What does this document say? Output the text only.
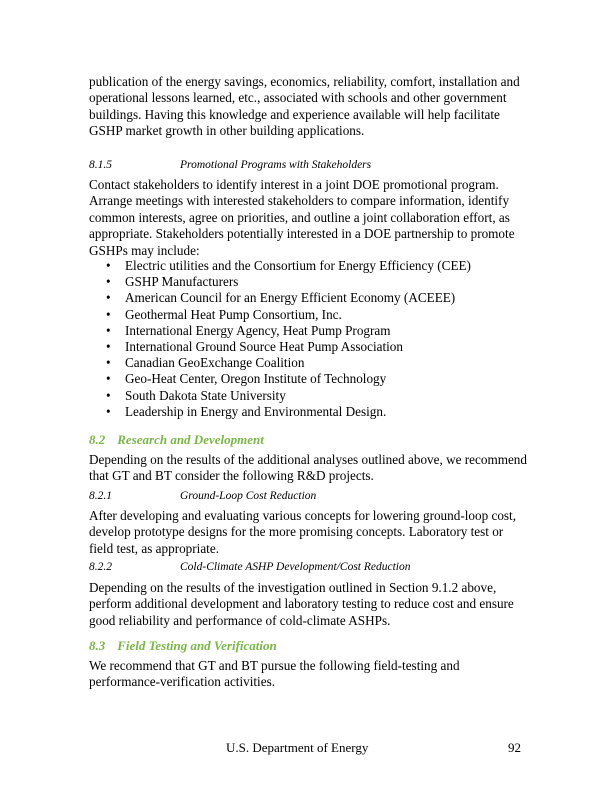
publication of the energy savings, economics, reliability, comfort, installation and operational lessons learned, etc., associated with schools and other government buildings. Having this knowledge and experience available will help facilitate GSHP market growth in other building applications.
8.1.5	Promotional Programs with Stakeholders
Contact stakeholders to identify interest in a joint DOE promotional program. Arrange meetings with interested stakeholders to compare information, identify common interests, agree on priorities, and outline a joint collaboration effort, as appropriate. Stakeholders potentially interested in a DOE partnership to promote GSHPs may include:
• Electric utilities and the Consortium for Energy Efficiency (CEE)
• GSHP Manufacturers
• American Council for an Energy Efficient Economy (ACEEE)
• Geothermal Heat Pump Consortium, Inc.
• International Energy Agency, Heat Pump Program
• International Ground Source Heat Pump Association
• Canadian GeoExchange Coalition
• Geo-Heat Center, Oregon Institute of Technology
• South Dakota State University
• Leadership in Energy and Environmental Design.
8.2 Research and Development
Depending on the results of the additional analyses outlined above, we recommend that GT and BT consider the following R&D projects.
8.2.1	Ground-Loop Cost Reduction
After developing and evaluating various concepts for lowering ground-loop cost, develop prototype designs for the more promising concepts. Laboratory test or field test, as appropriate.
8.2.2	Cold-Climate ASHP Development/Cost Reduction
Depending on the results of the investigation outlined in Section 9.1.2 above, perform additional development and laboratory testing to reduce cost and ensure good reliability and performance of cold-climate ASHPs.
8.3 Field Testing and Verification
We recommend that GT and BT pursue the following field-testing and performance-verification activities.
U.S. Department of Energy	92
